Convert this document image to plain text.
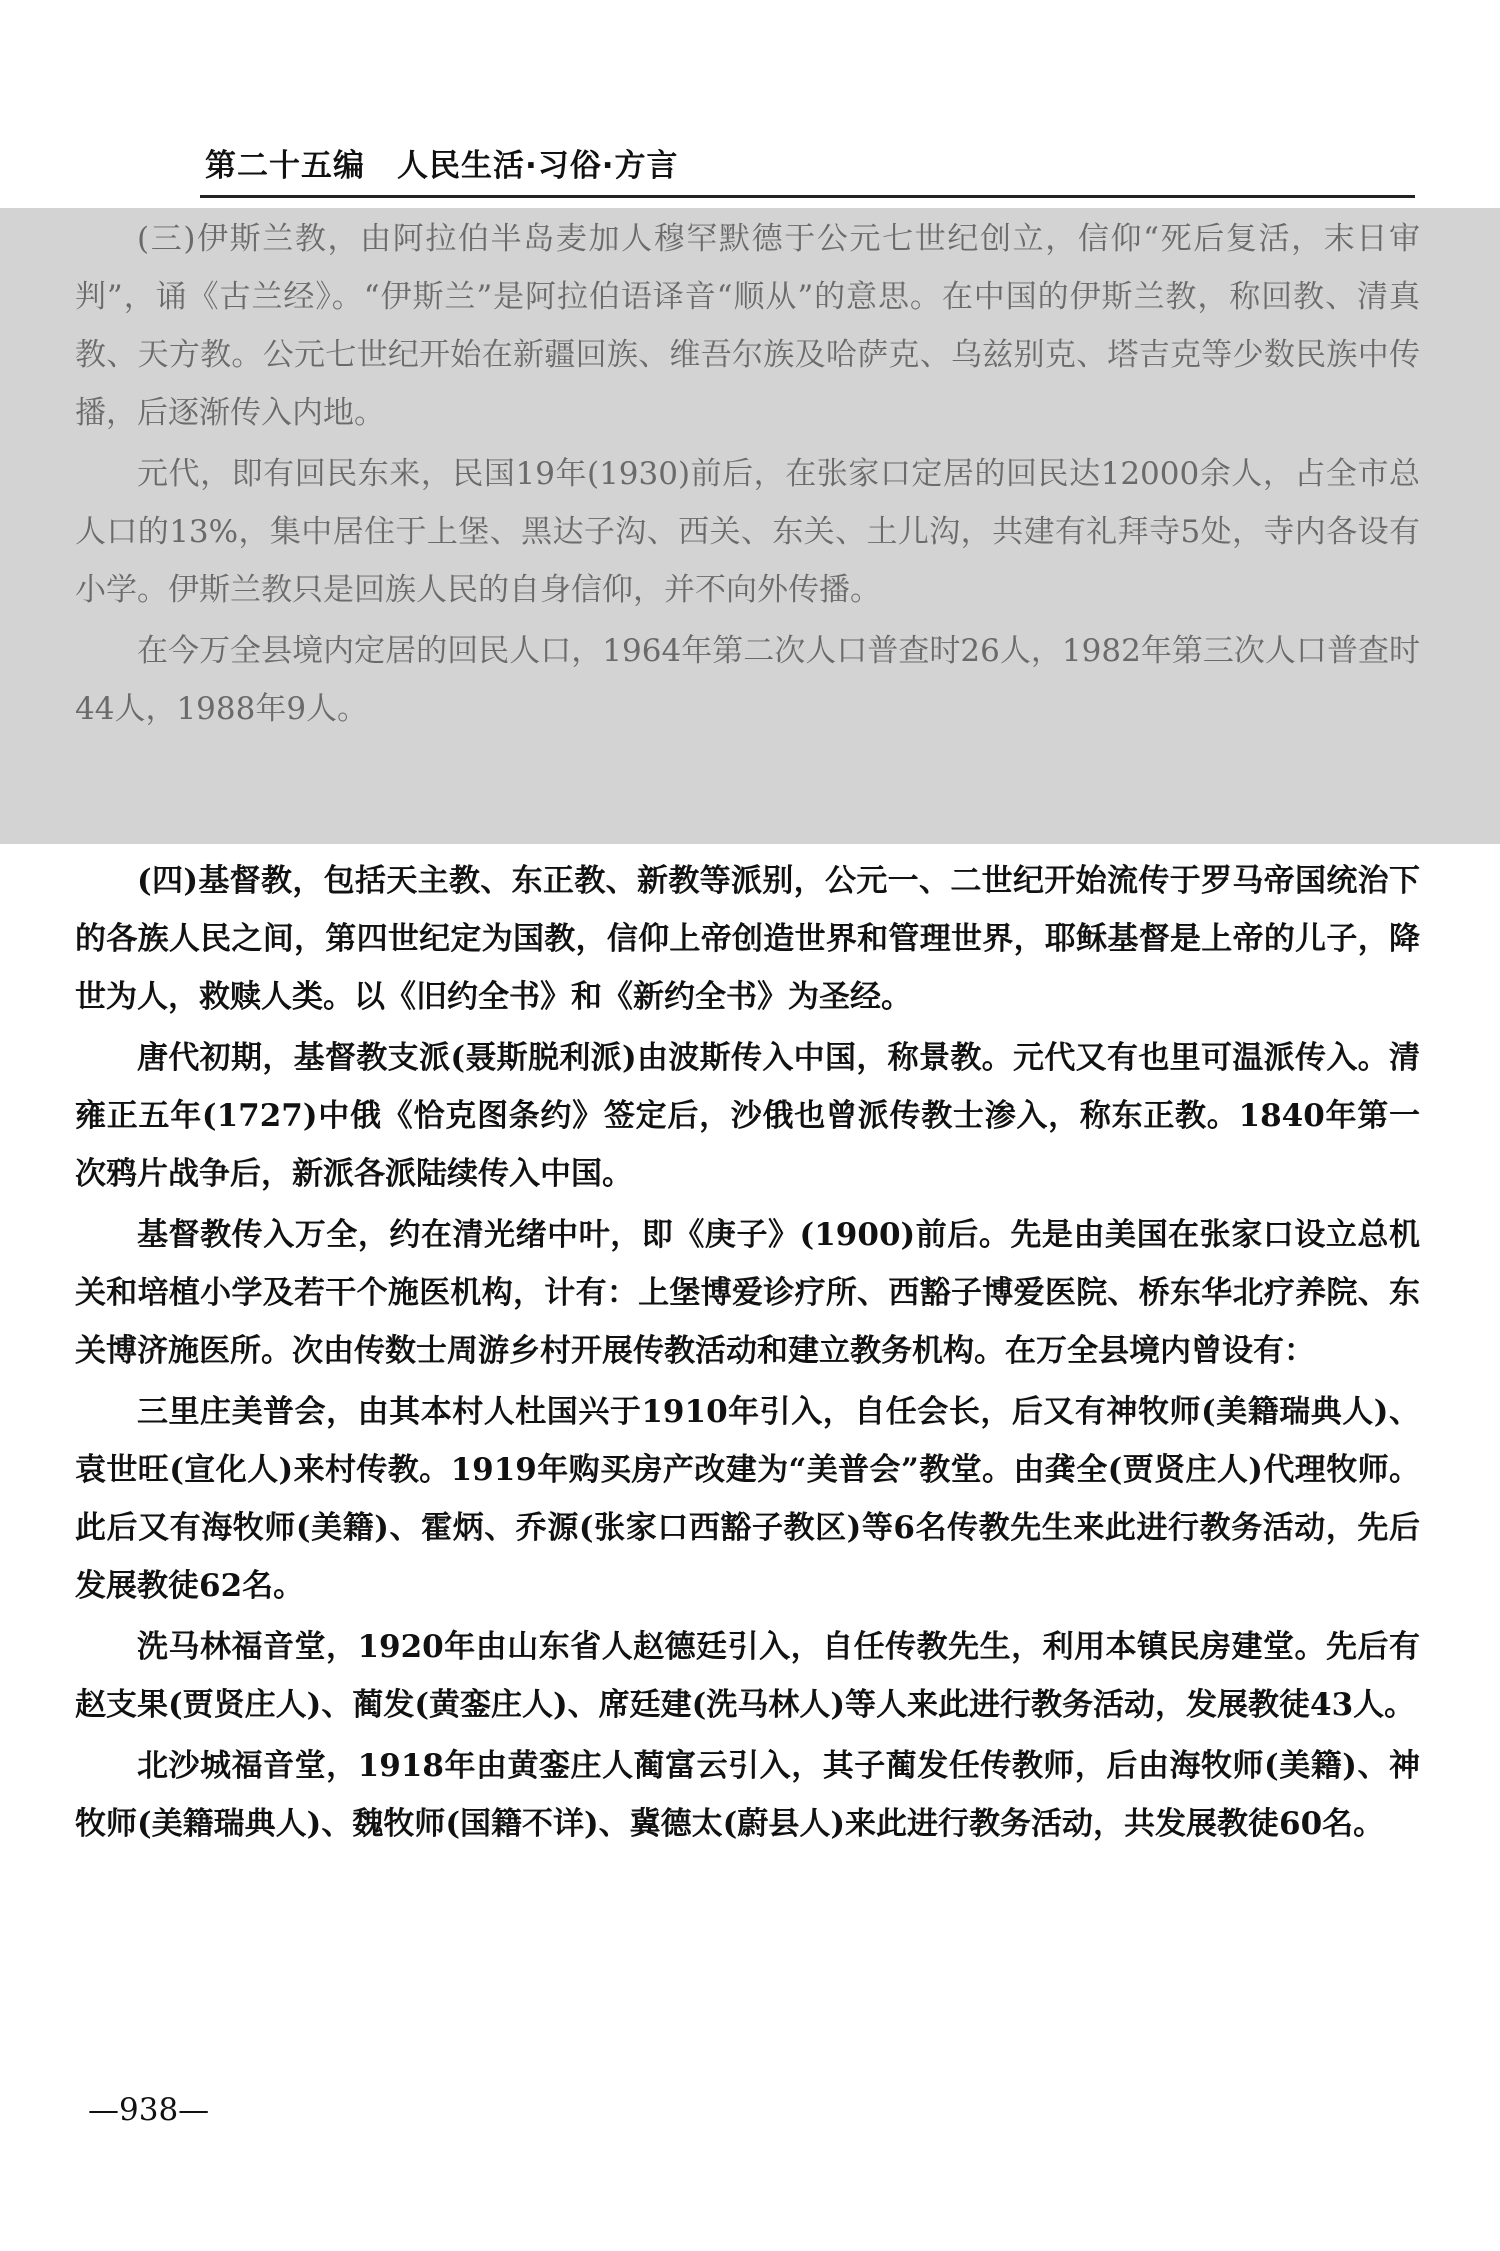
第二十五编　人民生活·习俗·方言

(三)伊斯兰教，由阿拉伯半岛麦加人穆罕默德于公元七世纪创立，信仰“死后复活，末日审判”，诵《古兰经》。“伊斯兰”是阿拉伯语译音“顺从”的意思。在中国的伊斯兰教，称回教、清真教、天方教。公元七世纪开始在新疆回族、维吾尔族及哈萨克、乌兹别克、塔吉克等少数民族中传播，后逐渐传入内地。

元代，即有回民东来，民国19年(1930)前后，在张家口定居的回民达12000余人，占全市总人口的13%，集中居住于上堡、黑达子沟、西关、东关、土儿沟，共建有礼拜寺5处，寺内各设有小学。伊斯兰教只是回族人民的自身信仰，并不向外传播。

在今万全县境内定居的回民人口，1964年第二次人口普查时26人，1982年第三次人口普查时44人，1988年9人。

(四)基督教，包括天主教、东正教、新教等派别，公元一、二世纪开始流传于罗马帝国统治下的各族人民之间，第四世纪定为国教，信仰上帝创造世界和管理世界，耶稣基督是上帝的儿子，降世为人，救赎人类。以《旧约全书》和《新约全书》为圣经。

唐代初期，基督教支派(聂斯脱利派)由波斯传入中国，称景教。元代又有也里可温派传入。清雍正五年(1727)中俄《恰克图条约》签定后，沙俄也曾派传教士渗入，称东正教。1840年第一次鸦片战争后，新派各派陆续传入中国。

基督教传入万全，约在清光绪中叶，即《庚子》(1900)前后。先是由美国在张家口设立总机关和培植小学及若干个施医机构，计有：上堡博爱诊疗所、西豁子博爱医院、桥东华北疗养院、东关博济施医所。次由传数士周游乡村开展传教活动和建立教务机构。在万全县境内曾设有：

三里庄美普会，由其本村人杜国兴于1910年引入，自任会长，后又有神牧师(美籍瑞典人)、袁世旺(宣化人)来村传教。1919年购买房产改建为“美普会”教堂。由龚全(贾贤庄人)代理牧师。此后又有海牧师(美籍)、霍炳、乔源(张家口西豁子教区)等6名传教先生来此进行教务活动，先后发展教徒62名。

洗马林福音堂，1920年由山东省人赵德廷引入，自任传教先生，利用本镇民房建堂。先后有赵支果(贾贤庄人)、蔺发(黄銮庄人)、席廷建(洗马林人)等人来此进行教务活动，发展教徒43人。

北沙城福音堂，1918年由黄銮庄人蔺富云引入，其子蔺发任传教师，后由海牧师(美籍)、神牧师(美籍瑞典人)、魏牧师(国籍不详)、冀德太(蔚县人)来此进行教务活动，共发展教徒60名。

—938—
